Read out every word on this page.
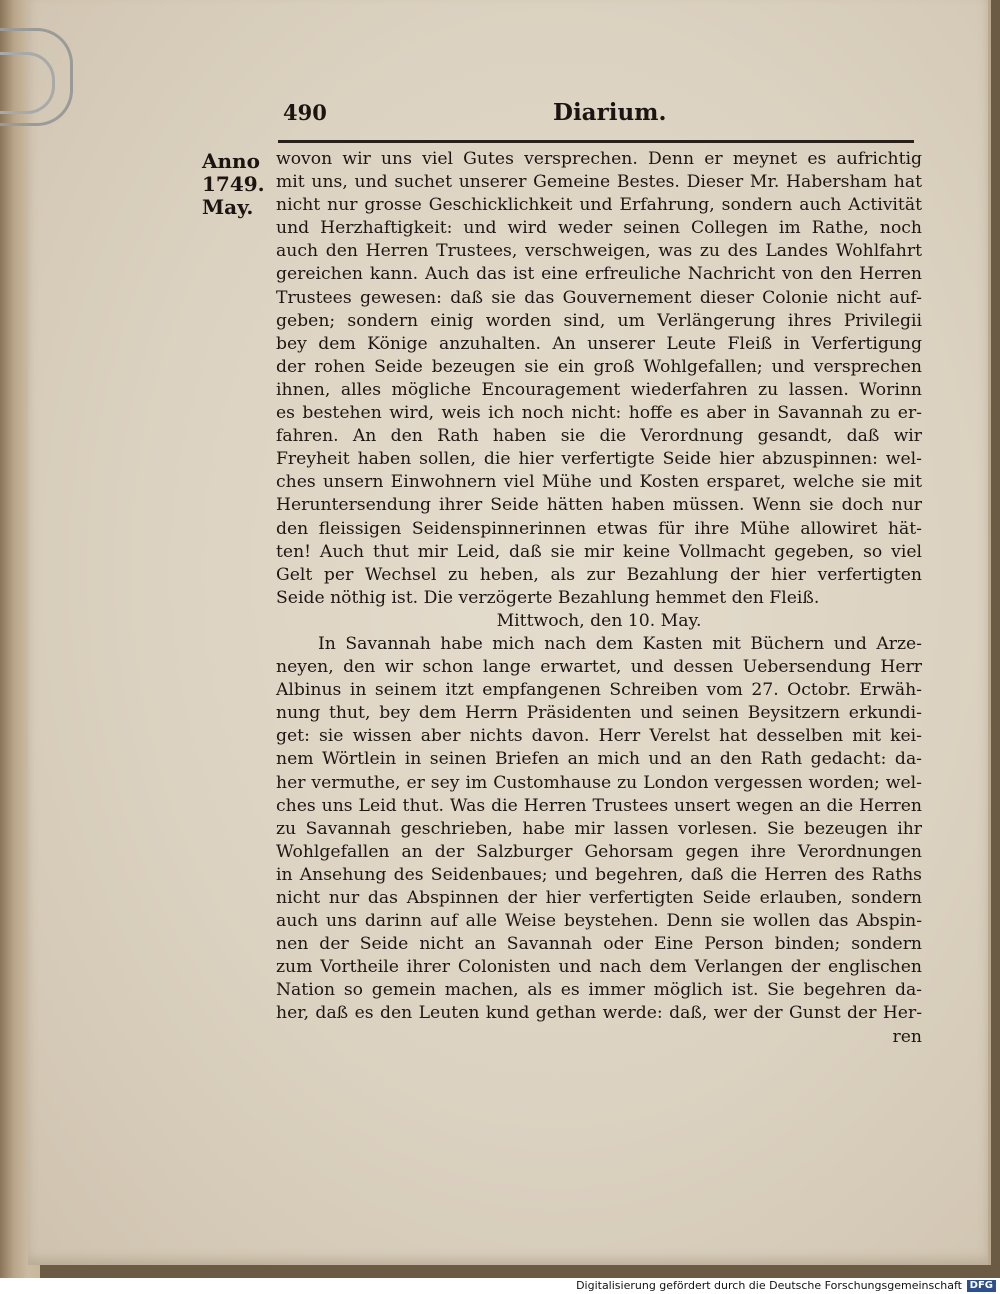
490	Diarium.
Anno
1749.
May.
wovon wir uns viel Gutes versprechen. Denn er meynet es aufrichtig
mit uns, und suchet unserer Gemeine Bestes. Dieser Mr. Habersham hat
nicht nur grosse Geschicklichkeit und Erfahrung, sondern auch Activität
und Herzhaftigkeit: und wird weder seinen Collegen im Rathe, noch
auch den Herren Trustees, verschweigen, was zu des Landes Wohlfahrt
gereichen kann. Auch das ist eine erfreuliche Nachricht von den Herren
Trustees gewesen: daß sie das Gouvernement dieser Colonie nicht auf-
geben; sondern einig worden sind, um Verlängerung ihres Privilegii
bey dem Könige anzuhalten. An unserer Leute Fleiß in Verfertigung
der rohen Seide bezeugen sie ein groß Wohlgefallen; und versprechen
ihnen, alles mögliche Encouragement wiederfahren zu lassen. Worinn
es bestehen wird, weis ich noch nicht: hoffe es aber in Savannah zu er-
fahren. An den Rath haben sie die Verordnung gesandt, daß wir
Freyheit haben sollen, die hier verfertigte Seide hier abzuspinnen: wel-
ches unsern Einwohnern viel Mühe und Kosten ersparet, welche sie mit
Heruntersendung ihrer Seide hätten haben müssen. Wenn sie doch nur
den fleissigen Seidenspinnerinnen etwas für ihre Mühe allowiret hät-
ten! Auch thut mir Leid, daß sie mir keine Vollmacht gegeben, so viel
Gelt per Wechsel zu heben, als zur Bezahlung der hier verfertigten
Seide nöthig ist. Die verzögerte Bezahlung hemmet den Fleiß.
Mittwoch, den 10. May.
In Savannah habe mich nach dem Kasten mit Büchern und Arze-
neyen, den wir schon lange erwartet, und dessen Uebersendung Herr
Albinus in seinem itzt empfangenen Schreiben vom 27. Octobr. Erwäh-
nung thut, bey dem Herrn Präsidenten und seinen Beysitzern erkundi-
get: sie wissen aber nichts davon. Herr Verelst hat desselben mit kei-
nem Wörtlein in seinen Briefen an mich und an den Rath gedacht: da-
her vermuthe, er sey im Customhause zu London vergessen worden; wel-
ches uns Leid thut. Was die Herren Trustees unsert wegen an die Herren
zu Savannah geschrieben, habe mir lassen vorlesen. Sie bezeugen ihr
Wohlgefallen an der Salzburger Gehorsam gegen ihre Verordnungen
in Ansehung des Seidenbaues; und begehren, daß die Herren des Raths
nicht nur das Abspinnen der hier verfertigten Seide erlauben, sondern
auch uns darinn auf alle Weise beystehen. Denn sie wollen das Abspin-
nen der Seide nicht an Savannah oder Eine Person binden; sondern
zum Vortheile ihrer Colonisten und nach dem Verlangen der englischen
Nation so gemein machen, als es immer möglich ist. Sie begehren da-
her, daß es den Leuten kund gethan werde: daß, wer der Gunst der Her-
ren
Digitalisierung gefördert durch die Deutsche Forschungsgemeinschaft DFG
